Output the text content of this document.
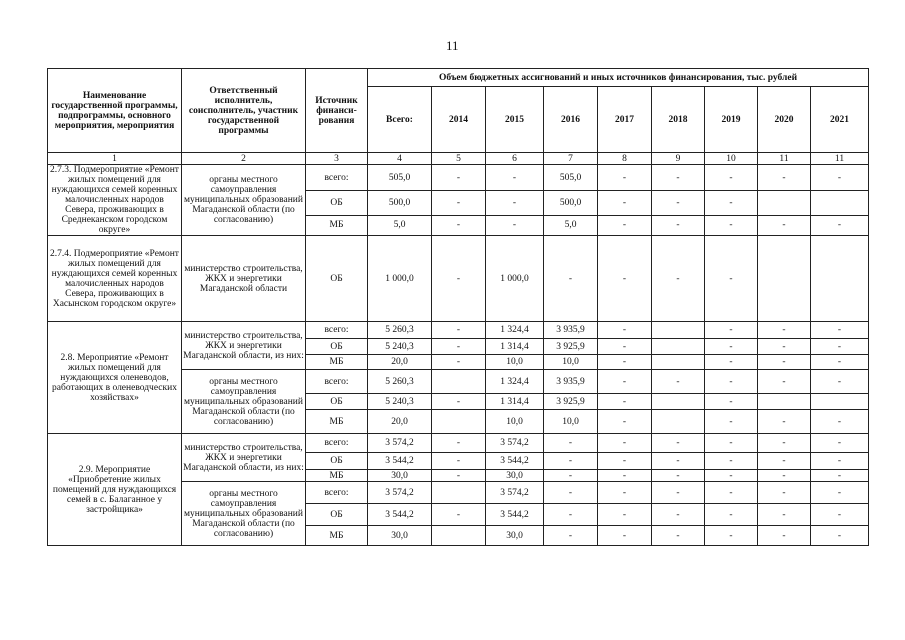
11
Наименование государственной программы, подпрограммы, основного мероприятия, мероприятия	Ответственный исполнитель, соисполнитель, участник государственной программы	Источник финанси-рования	Объем бюджетных ассигнований и иных источников финансирования, тыс. рублей								
			Всего:	2014	2015	2016	2017	2018	2019	2020	2021
1	2	3	4	5	6	7	8	9	10	11	11
2.7.3. Подмероприятие «Ремонт жилых помещений для нуждающихся семей коренных малочисленных народов Севера, проживающих в Среднеканском городском округе»	органы местного самоуправления муниципальных образований Магаданской области (по согласованию)	всего:	505,0	-	-	505,0	-	-	-	-	-
		ОБ	500,0	-	-	500,0	-	-	-		
		МБ	5,0	-	-	5,0	-	-	-	-	-
2.7.4. Подмероприятие «Ремонт жилых помещений для нуждающихся семей коренных малочисленных народов Севера, проживающих в Хасынском городском округе»	министерство строительства, ЖКХ и энергетики Магаданской области	ОБ	1 000,0	-	1 000,0	-	-	-	-		
2.8. Мероприятие «Ремонт жилых помещений для нуждающихся оленеводов, работающих в оленеводческих хозяйствах»	министерство строительства, ЖКХ и энергетики Магаданской области, из них:	всего:	5 260,3	-	1 324,4	3 935,9	-		-	-	-
		ОБ	5 240,3	-	1 314,4	3 925,9	-		-	-	-
		МБ	20,0	-	10,0	10,0	-		-	-	-
	органы местного самоуправления муниципальных образований Магаданской области (по согласованию)	всего:	5 260,3		1 324,4	3 935,9	-	-	-	-	-
		ОБ	5 240,3	-	1 314,4	3 925,9	-		-		
		МБ	20,0		10,0	10,0	-		-	-	-
2.9. Мероприятие «Приобретение жилых помещений для нуждающихся семей в с. Балаганное у застройщика»	министерство строительства, ЖКХ и энергетики Магаданской области, из них:	всего:	3 574,2	-	3 574,2	-	-	-	-	-	-
		ОБ	3 544,2	-	3 544,2	-	-	-	-	-	-
		МБ	30,0	-	30,0	-	-	-	-	-	-
	органы местного самоуправления муниципальных образований Магаданской области (по согласованию)	всего:	3 574,2		3 574,2	-	-	-	-	-	-
		ОБ	3 544,2	-	3 544,2	-	-	-	-	-	-
		МБ	30,0		30,0	-	-	-	-	-	-
